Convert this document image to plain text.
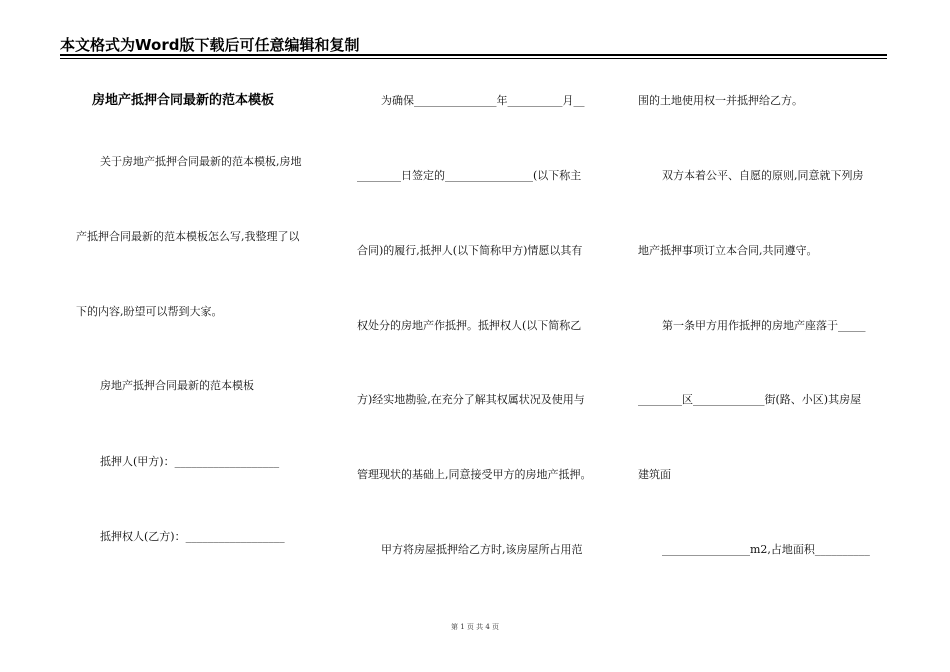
本文格式为Word版下载后可任意编辑和复制
房地产抵押合同最新的范本模板
关于房地产抵押合同最新的范本模板,房地
产抵押合同最新的范本模板怎么写,我整理了以
下的内容,盼望可以帮到大家。
房地产抵押合同最新的范本模板
抵押人(甲方)：___________________
抵押权人(乙方)：__________________
为确保_______________年__________月__
________日签定的________________(以下称主
合同)的履行,抵押人(以下简称甲方)情愿以其有
权处分的房地产作抵押。抵押权人(以下简称乙
方)经实地勘验,在充分了解其权属状况及使用与
管理现状的基础上,同意接受甲方的房地产抵押。
甲方将房屋抵押给乙方时,该房屋所占用范
围的土地使用权一并抵押给乙方。
双方本着公平、自愿的原则,同意就下列房
地产抵押事项订立本合同,共同遵守。
第一条甲方用作抵押的房地产座落于_____
________区_____________街(路、小区)其房屋
建筑面
________________m2,占地面积__________
第 1 页 共 4 页
